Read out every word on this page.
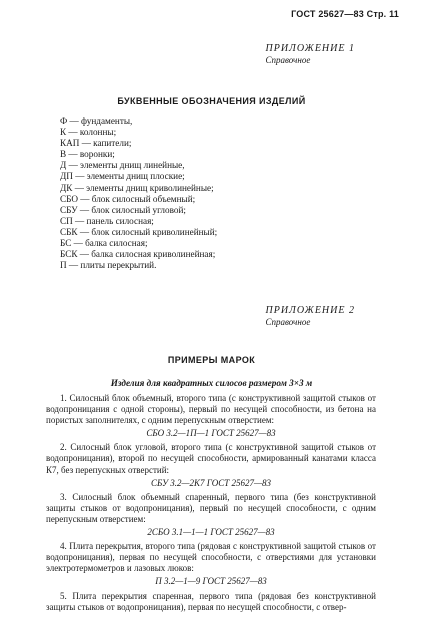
ГОСТ 25627—83 Стр. 11
ПРИЛОЖЕНИЕ 1
Справочное
БУКВЕННЫЕ ОБОЗНАЧЕНИЯ ИЗДЕЛИЙ
Ф — фундаменты,
К — колонны;
КАП — капители;
В — воронки;
Д — элементы днищ линейные,
ДП — элементы днищ плоские;
ДК — элементы днищ криволинейные;
СБО — блок силосный объемный;
СБУ — блок силосный угловой;
СП — панель силосная;
СБК — блок силосный криволинейный;
БС — балка силосная;
БСК — балка силосная криволинейная;
П — плиты перекрытий.
ПРИЛОЖЕНИЕ 2
Справочное
ПРИМЕРЫ МАРОК
Изделия для квадратных силосов размером 3×3 м

1. Силосный блок объемный, второго типа (с конструктивной защитой стыков от водопроницания с одной стороны), первый по несущей способности, из бетона на пористых заполнителях, с одним перепускным отверстием:

СБО 3.2—1П—1 ГОСТ 25627—83

2. Силосный блок угловой, второго типа (с конструктивной защитой стыков от водопроницания), второй по несущей способности, армированный канатами класса К7, без перепускных отверстий:

СБУ 3.2—2К7 ГОСТ 25627—83

3. Силосный блок объемный спаренный, первого типа (без конструктивной защиты стыков от водопроницания), первый по несущей способности, с одним перепускным отверстием:

2СБО 3.1—1—1 ГОСТ 25627—83

4. Плита перекрытия, второго типа (рядовая с конструктивной защитой стыков от водопроницания), первая по несущей способности, с отверстиями для установки электротермометров и лазовых люков:

П 3.2—1—9 ГОСТ 25627—83

5. Плита перекрытия спаренная, первого типа (рядовая без конструктивной защиты стыков от водопроницания), первая по несущей способности, с отвер-
